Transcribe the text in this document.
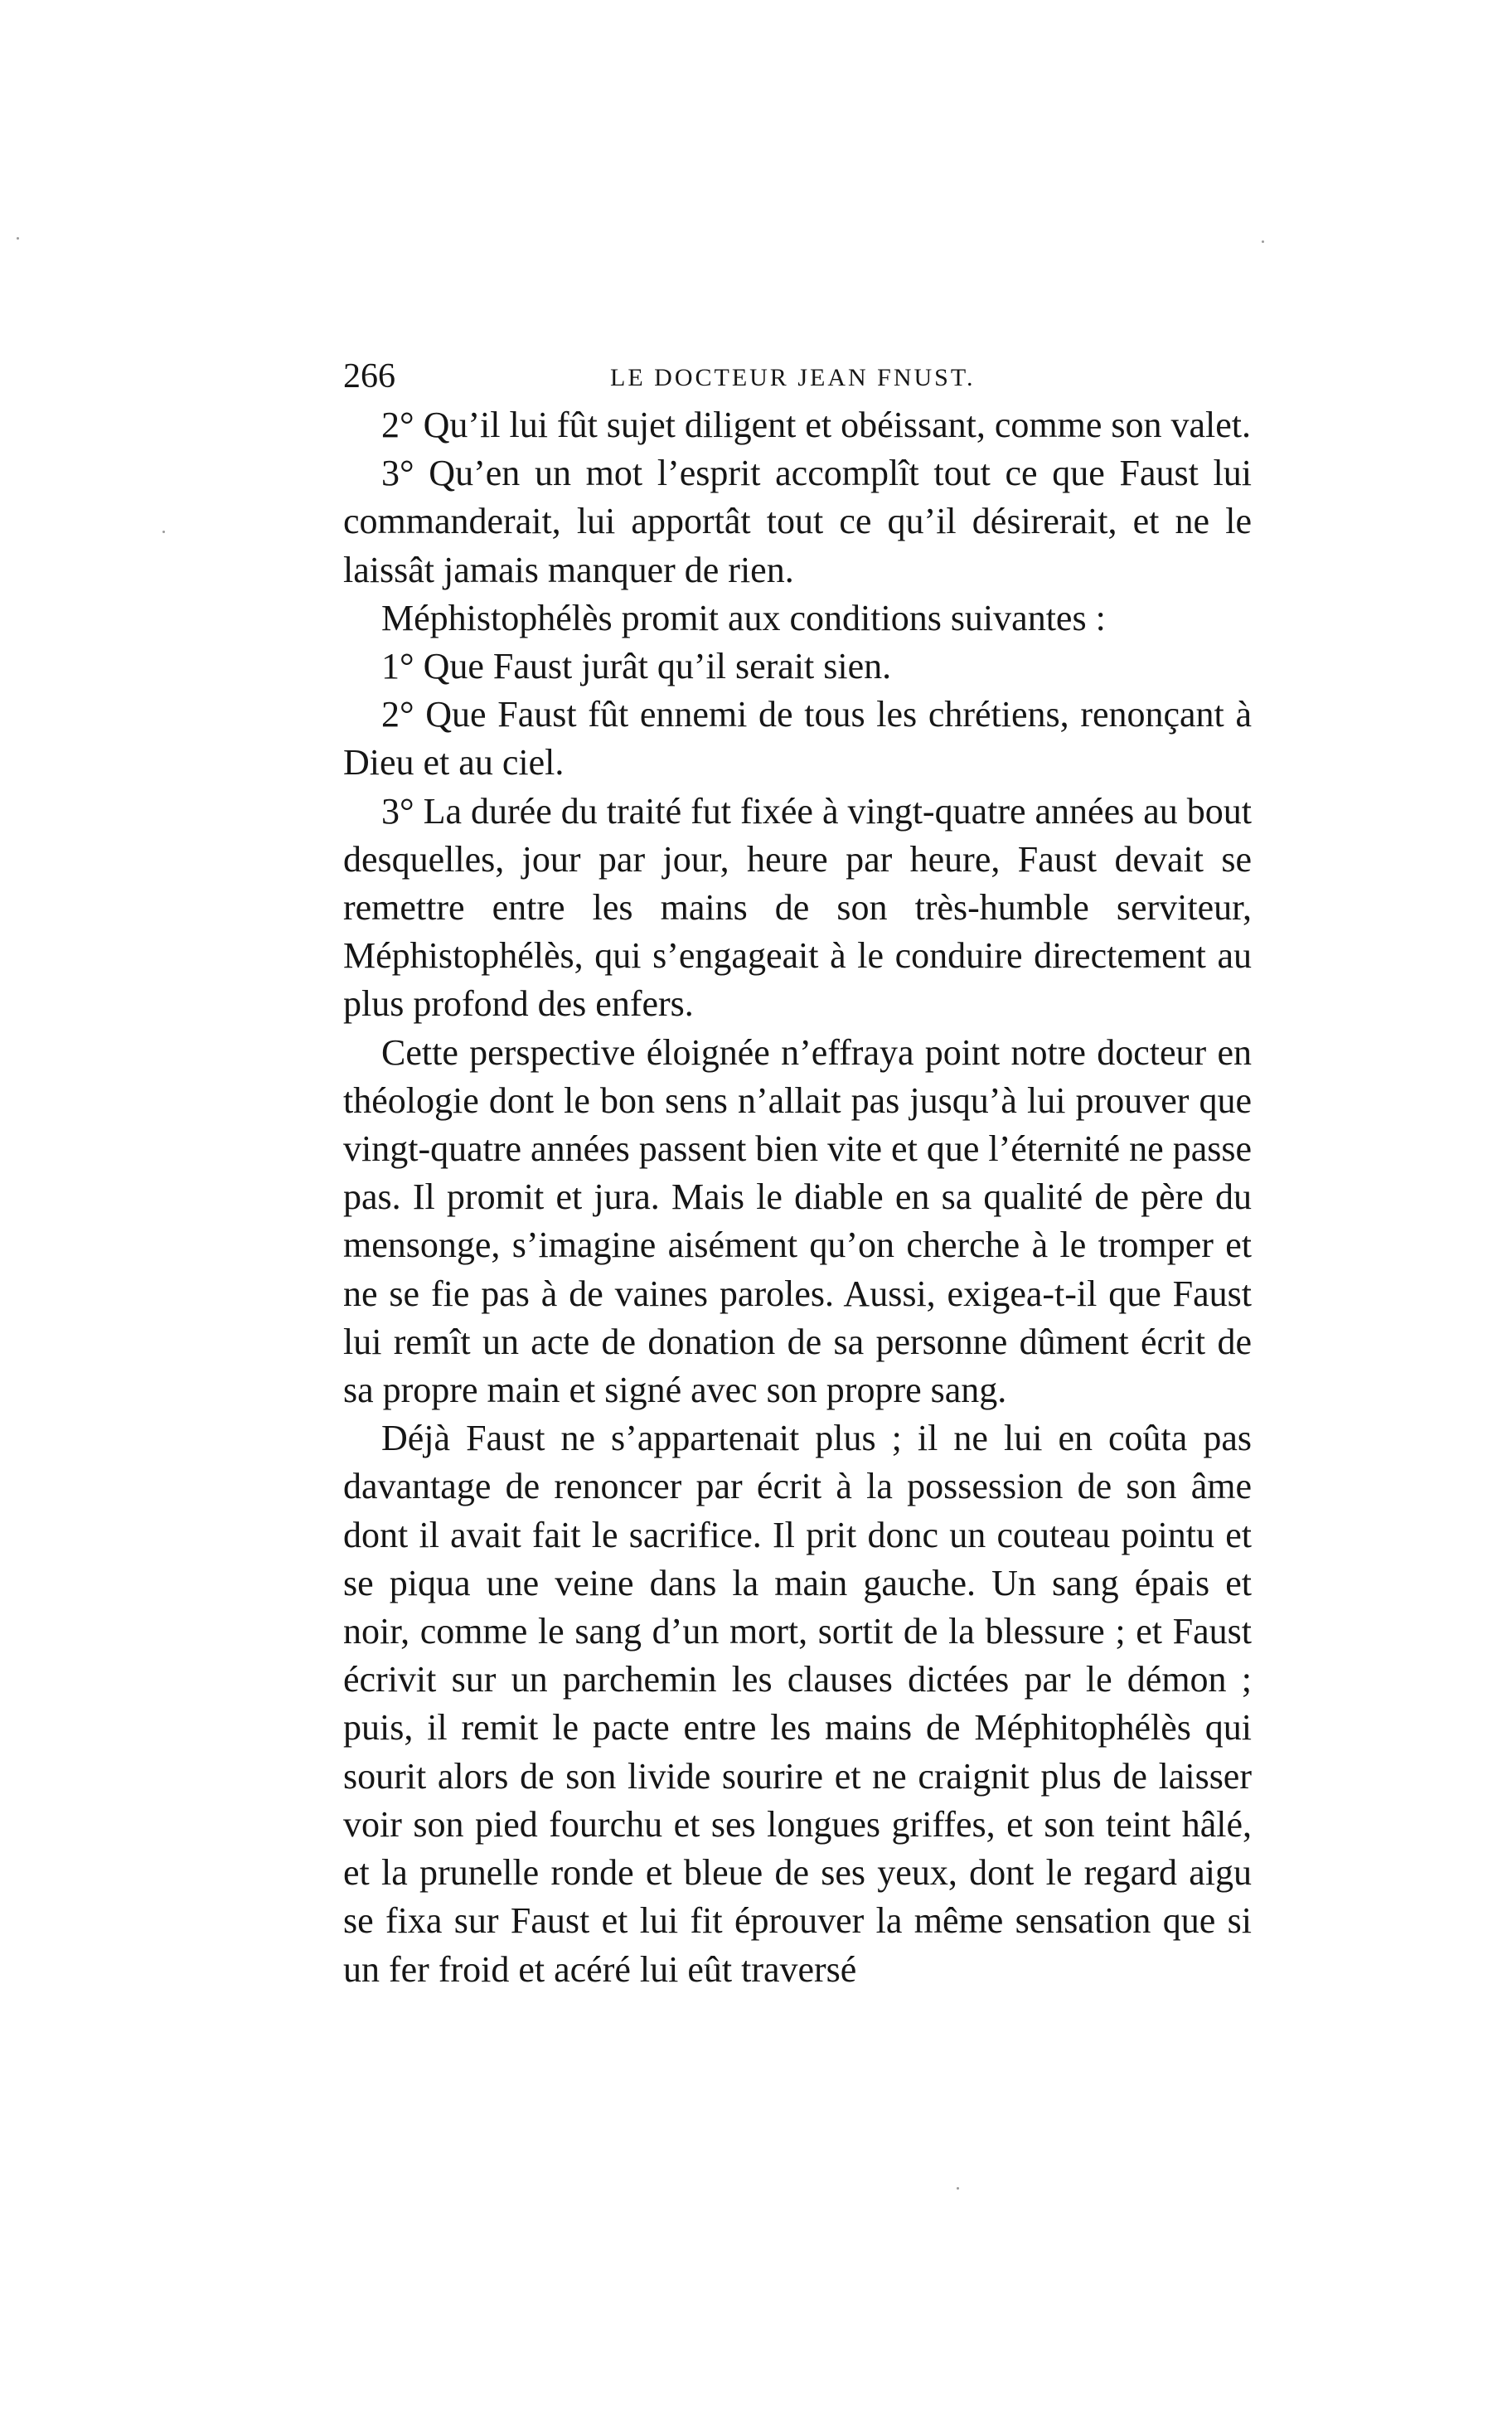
266	LE DOCTEUR JEAN FNUST.

2° Qu’il lui fût sujet diligent et obéissant, comme son valet.

3° Qu’en un mot l’esprit accomplît tout ce que Faust lui commanderait, lui apportât tout ce qu’il désirerait, et ne le laissât jamais manquer de rien.

Méphistophélès promit aux conditions suivantes :

1° Que Faust jurât qu’il serait sien.

2° Que Faust fût ennemi de tous les chrétiens, renonçant à Dieu et au ciel.

3° La durée du traité fut fixée à vingt-quatre années au bout desquelles, jour par jour, heure par heure, Faust devait se remettre entre les mains de son très-humble serviteur, Méphistophélès, qui s’engageait à le conduire directement au plus profond des enfers.

Cette perspective éloignée n’effraya point notre docteur en théologie dont le bon sens n’allait pas jusqu’à lui prouver que vingt-quatre années passent bien vite et que l’éternité ne passe pas. Il promit et jura. Mais le diable en sa qualité de père du mensonge, s’imagine aisément qu’on cherche à le tromper et ne se fie pas à de vaines paroles. Aussi, exigea-t-il que Faust lui remît un acte de donation de sa personne dûment écrit de sa propre main et signé avec son propre sang.

Déjà Faust ne s’appartenait plus ; il ne lui en coûta pas davantage de renoncer par écrit à la possession de son âme dont il avait fait le sacrifice. Il prit donc un couteau pointu et se piqua une veine dans la main gauche. Un sang épais et noir, comme le sang d’un mort, sortit de la blessure ; et Faust écrivit sur un parchemin les clauses dictées par le démon ; puis, il remit le pacte entre les mains de Méphitophélès qui sourit alors de son livide sourire et ne craignit plus de laisser voir son pied fourchu et ses longues griffes, et son teint hâlé, et la prunelle ronde et bleue de ses yeux, dont le regard aigu se fixa sur Faust et lui fit éprouver la même sensation que si un fer froid et acéré lui eût traversé
